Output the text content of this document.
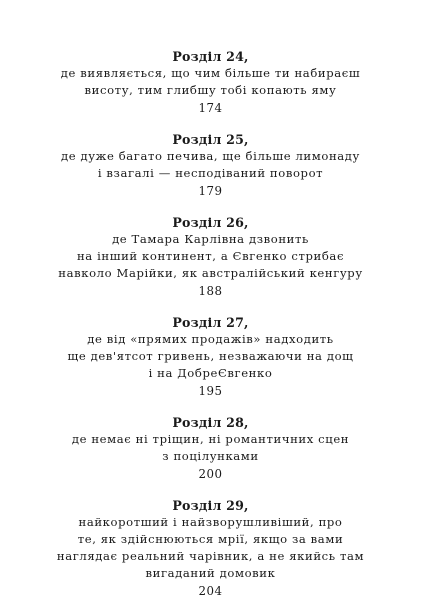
Розділ 24,
де виявляється, що чим більше ти набираєш
висоту, тим глибшу тобі копають яму
174
Розділ 25,
де дуже багато печива, ще більше лимонаду
і взагалі — несподіваний поворот
179
Розділ 26,
де Тамара Карлівна дзвонить
на інший континент, а Євгенко стрибає
навколо Марійки, як австралійський кенгуру
188
Розділ 27,
де від «прямих продажів» надходить
ще дев'ятсот гривень, незважаючи на дощ
і на ДобреЄвгенко
195
Розділ 28,
де немає ні тріщин, ні романтичних сцен
з поцілунками
200
Розділ 29,
найкоротший і найзворушливіший, про
те, як здійснюються мрії, якщо за вами
наглядає реальний чарівник, а не якийсь там
вигаданий домовик
204
